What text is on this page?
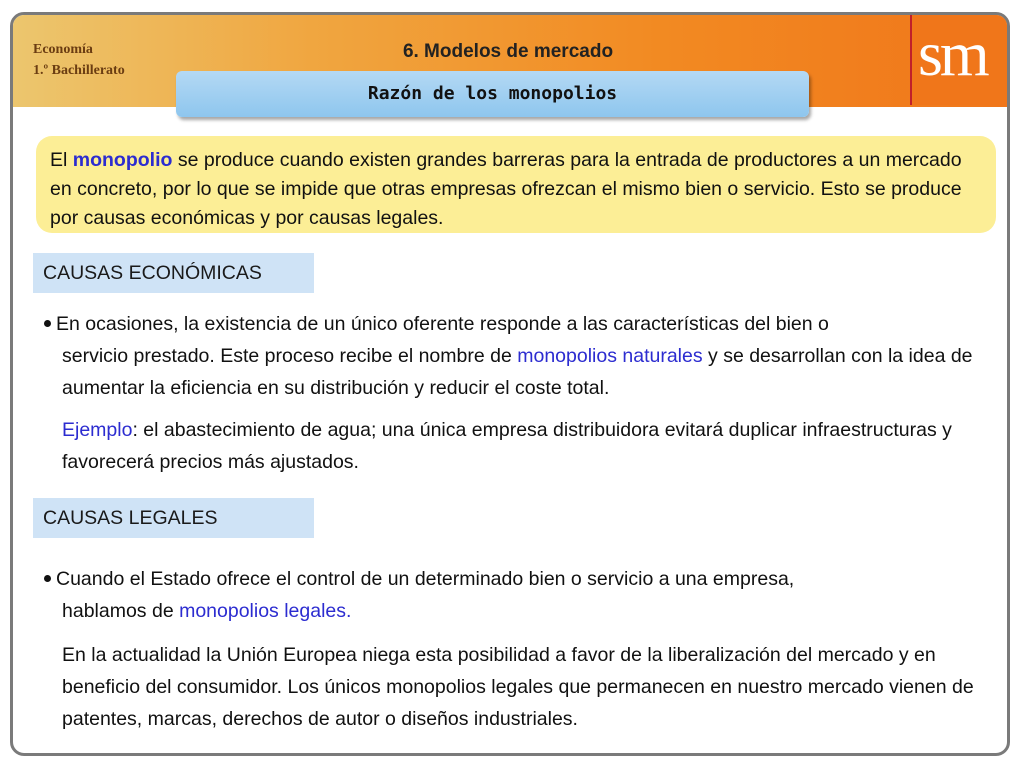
Economía
1.º Bachillerato
6. Modelos de mercado
Razón de los monopolios
sm
El monopolio se produce cuando existen grandes barreras para la entrada de productores a un mercado en concreto, por lo que se impide que otras empresas ofrezcan el mismo bien o servicio. Esto se produce por causas económicas y por causas legales.
CAUSAS ECONÓMICAS
En ocasiones, la existencia de un único oferente responde a las características del bien o
servicio prestado. Este proceso recibe el nombre de monopolios naturales y se desarrollan con la idea de aumentar la eficiencia en su distribución y reducir el coste total.
Ejemplo: el abastecimiento de agua; una única empresa distribuidora evitará duplicar infraestructuras y favorecerá precios más ajustados.
CAUSAS LEGALES
Cuando el Estado ofrece el control de un determinado bien o servicio a una empresa,
hablamos de monopolios legales.
En la actualidad la Unión Europea niega esta posibilidad a favor de la liberalización del mercado y en beneficio del consumidor. Los únicos monopolios legales que permanecen en nuestro mercado vienen de patentes, marcas, derechos de autor o diseños industriales.
